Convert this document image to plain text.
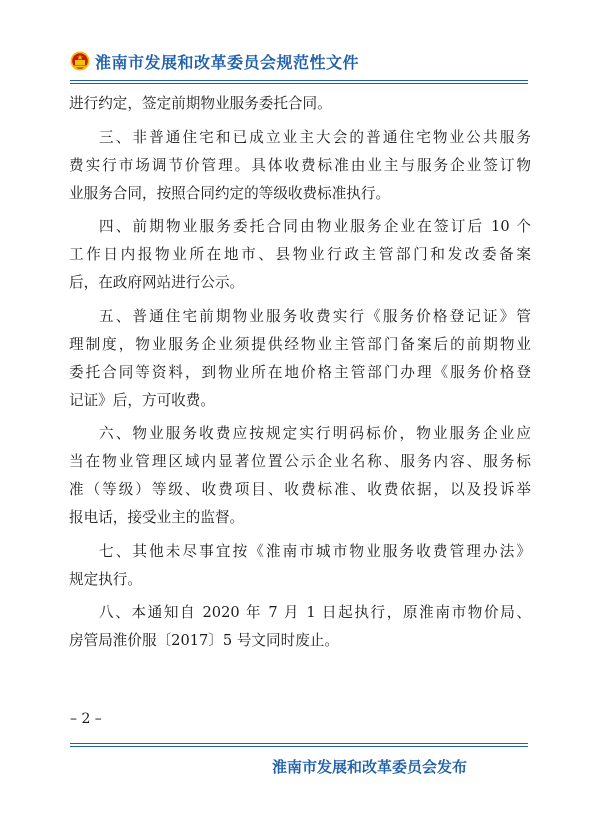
淮南市发展和改革委员会规范性文件
进行约定，签定前期物业服务委托合同。
三、非普通住宅和已成立业主大会的普通住宅物业公共服务
费实行市场调节价管理。具体收费标准由业主与服务企业签订物
业服务合同，按照合同约定的等级收费标准执行。
四、前期物业服务委托合同由物业服务企业在签订后 10 个
工作日内报物业所在地市、县物业行政主管部门和发改委备案
后，在政府网站进行公示。
五、普通住宅前期物业服务收费实行《服务价格登记证》管
理制度，物业服务企业须提供经物业主管部门备案后的前期物业
委托合同等资料，到物业所在地价格主管部门办理《服务价格登
记证》后，方可收费。
六、物业服务收费应按规定实行明码标价，物业服务企业应
当在物业管理区域内显著位置公示企业名称、服务内容、服务标
准（等级）等级、收费项目、收费标准、收费依据，以及投诉举
报电话，接受业主的监督。
七、其他未尽事宜按《淮南市城市物业服务收费管理办法》
规定执行。
八、本通知自 2020 年 7 月 1 日起执行，原淮南市物价局、
房管局淮价服〔2017〕5 号文同时废止。
– 2 –
淮南市发展和改革委员会发布
